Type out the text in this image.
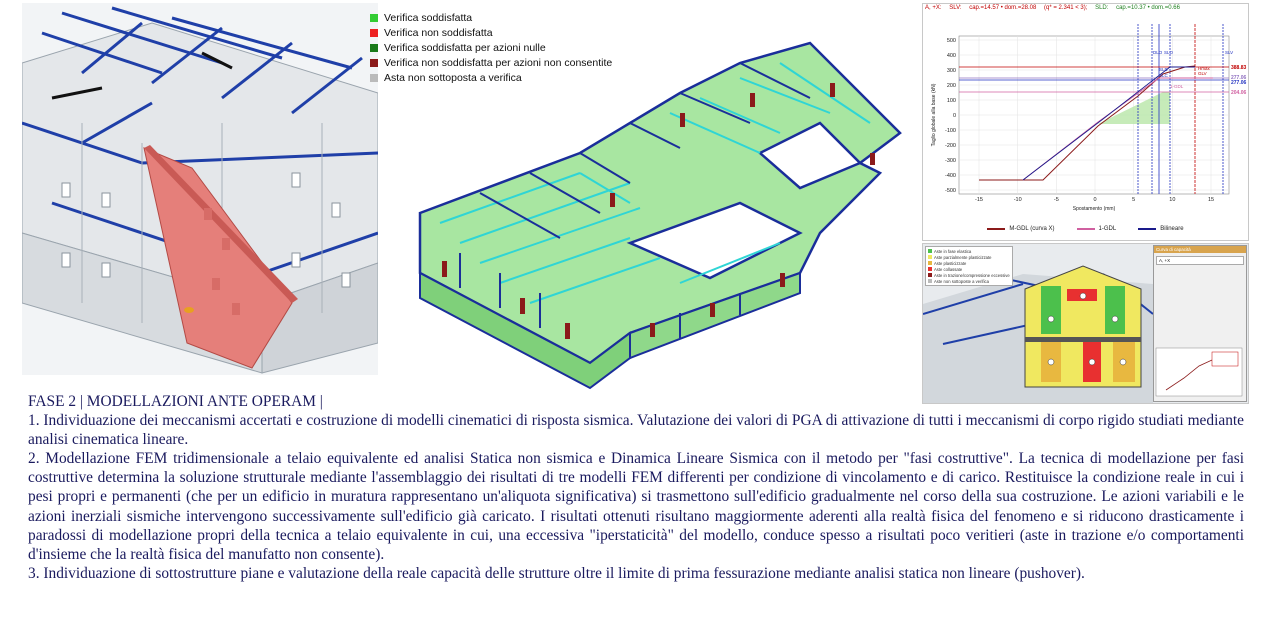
Verifica soddisfatta
Verifica non soddisfatta
Verifica soddisfatta per azioni nulle
Verifica non soddisfatta per azioni non consentite
Asta non sottoposta a verifica
A, +X: SLV: cap.=14.57 • dom.=28.08 (q* = 2.341 < 3); SLD: cap.=10.37 • dom.=0.66
500
400
300
200
100
0
-100
-200
-300
-400
-500
-15	-10	-5	0	5	10	15
Taglio globale alla base (kN)
Spostamento (mm)
388.83
277.06
277.06
204.06
SLV
DLO SLO
SLD
GLV
SLC
1-GDL
Hmax
M-GDL (curva X)	1-GDL	Bilineare
Aste in fase elastica
Aste parzialmente plasticizzate
Aste plasticizzate
Aste collassate
Aste in trazione/compressione eccessive
Aste non sottoposte a verifica
Curva di capacità
A, +X

FASE 2 | MODELLAZIONI ANTE OPERAM |

1. Individuazione dei meccanismi accertati e costruzione di modelli cinematici di risposta sismica. Valutazione dei valori di PGA di attivazione di tutti i meccanismi di corpo rigido studiati mediante analisi cinematica lineare.

2. Modellazione FEM tridimensionale a telaio equivalente ed analisi Statica non sismica e Dinamica Lineare Sismica con il metodo per "fasi costruttive". La tecnica di modellazione per fasi costruttive determina la soluzione strutturale mediante l'assemblaggio dei risultati di tre modelli FEM differenti per condizione di vincolamento e di carico. Restituisce la condizione reale in cui i pesi propri e permanenti (che per un edificio in muratura rappresentano un'aliquota significativa) si trasmettono sull'edificio gradualmente nel corso della sua costruzione. Le azioni variabili e le azioni inerziali sismiche intervengono successivamente sull'edificio già caricato. I risultati ottenuti risultano maggiormente aderenti alla realtà fisica del fenomeno e si riducono drasticamente i paradossi di modellazione propri della tecnica a telaio equivalente in cui, una eccessiva "iperstaticità" del modello, conduce spesso a risultati poco veritieri (aste in trazione e/o comportamenti d'insieme che la realtà fisica del manufatto non consente).

3. Individuazione di sottostrutture piane e valutazione della reale capacità delle strutture oltre il limite di prima fessurazione mediante analisi statica non lineare (pushover).
